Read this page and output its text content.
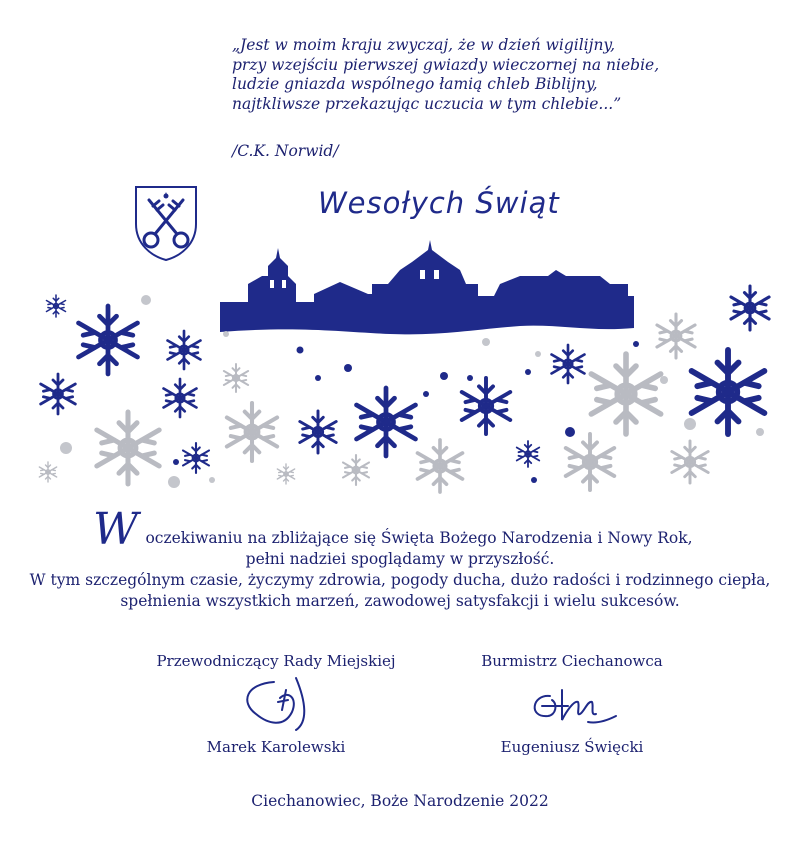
„Jest w moim kraju zwyczaj, że w dzień wigilijny,
przy wzejściu pierwszej gwiazdy wieczornej na niebie,
ludzie gniazda wspólnego łamią chleb Biblijny,
najtkliwsze przekazując uczucia w tym chlebie...”
/C.K. Norwid/
Wesołych Świąt
W oczekiwaniu na zbliżające się Święta Bożego Narodzenia i Nowy Rok,
pełni nadziei spoglądamy w przyszłość.
W tym szczególnym czasie, życzymy zdrowia, pogody ducha, dużo radości i rodzinnego ciepła,
spełnienia wszystkich marzeń, zawodowej satysfakcji i wielu sukcesów.
Przewodniczący Rady Miejskiej
Marek Karolewski
Burmistrz Ciechanowca
Eugeniusz Święcki
Ciechanowiec, Boże Narodzenie 2022
